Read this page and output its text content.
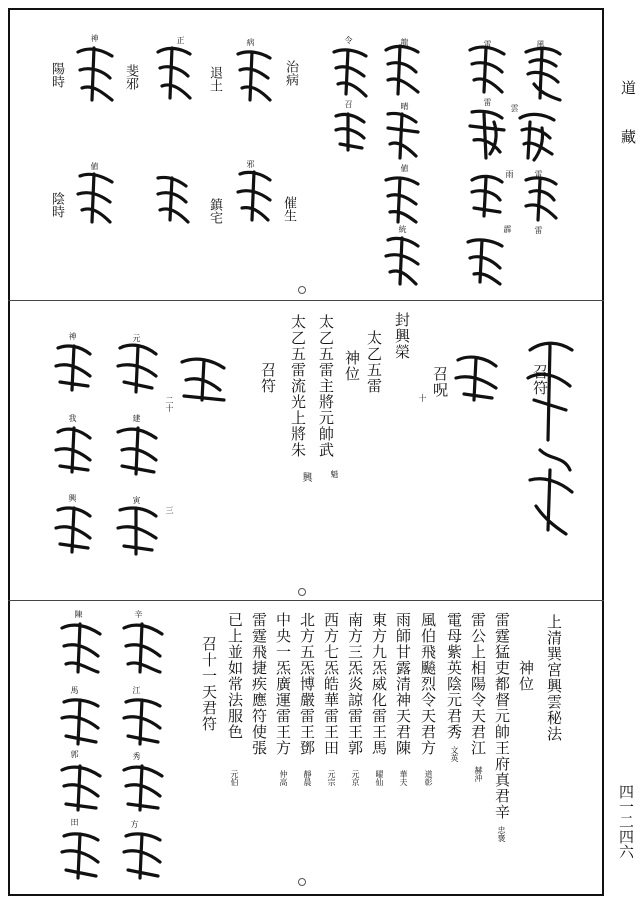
道藏
四一二四六
風
雲
雷
雨
雷
霹
雷
雷
龍
晴
値
統
令
召
病
邪
正
神
値
治病
退土
催生
鎮宅
斐邪
陽時
陰時
召符
召呪
封興榮
太乙五雷
神位
太乙五雷主將元帥武
太乙五雷流光上將朱
召符
十
二十
三
魁
興
元
建
寅
神
我
興
上清巽宮興雲秘法
神位
雷霆猛吏都督元帥王府真君辛
雷公上相陽令天君江
電母紫英陰元君秀
風伯飛飈烈令天君方
雨師甘露清神天君陳
東方九炁威化雷王馬
南方三炁炎諒雷王郭
西方七炁皓華雷王田
北方五炁博嚴雷王鄧
中央一炁廣運雷王方
雷霆飛捷疾應符使張
已上並如常法服色
召十一天君符
忠褒
赫沖
文英
道彰
華夫
曜仙
元京
元宗
靜晨
仲高
元伯
辛
江
秀
方
陳
馬
郭
田
